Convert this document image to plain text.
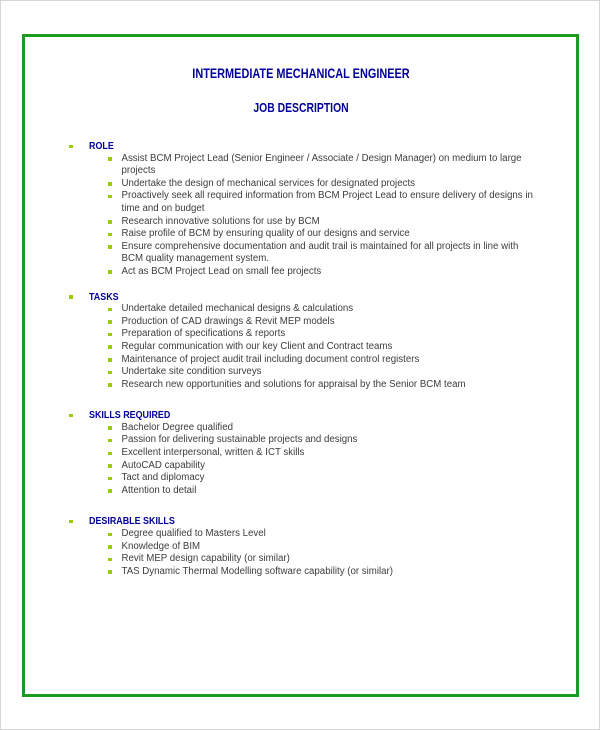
INTERMEDIATE MECHANICAL ENGINEER
JOB DESCRIPTION
ROLE
Assist BCM Project Lead (Senior Engineer / Associate / Design Manager) on medium to large projects
Undertake the design of mechanical services for designated projects
Proactively seek all required information from BCM Project Lead to ensure delivery of designs in time and on budget
Research innovative solutions for use by BCM
Raise profile of BCM by ensuring quality of our designs and service
Ensure comprehensive documentation and audit trail is maintained for all projects in line with BCM quality management system.
Act as BCM Project Lead on small fee projects
TASKS
Undertake detailed mechanical designs & calculations
Production of CAD drawings & Revit MEP models
Preparation of specifications & reports
Regular communication with our key Client and Contract teams
Maintenance of project audit trail including document control registers
Undertake site condition surveys
Research new opportunities and solutions for appraisal by the Senior BCM team
SKILLS REQUIRED
Bachelor Degree qualified
Passion for delivering sustainable projects and designs
Excellent interpersonal, written & ICT skills
AutoCAD capability
Tact and diplomacy
Attention to detail
DESIRABLE SKILLS
Degree qualified to Masters Level
Knowledge of BIM
Revit MEP design capability (or similar)
TAS Dynamic Thermal Modelling software capability (or similar)
